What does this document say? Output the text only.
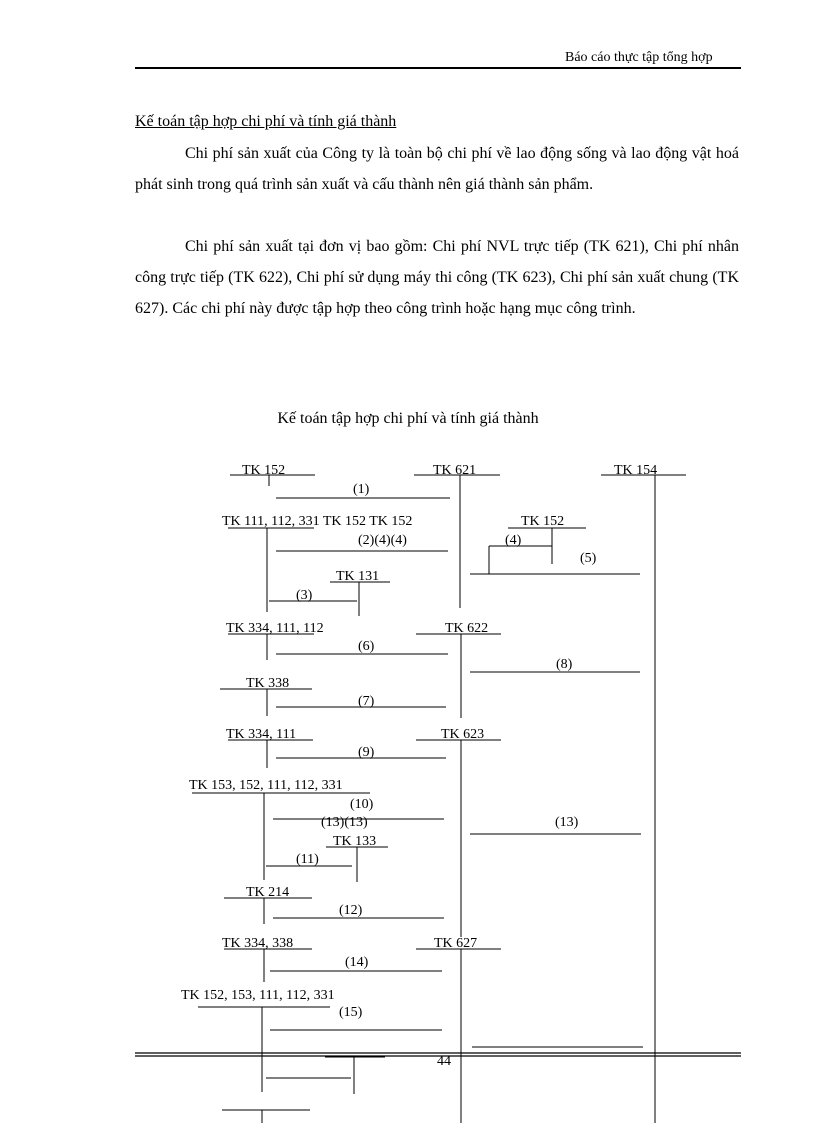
Báo cáo thực tập tổng hợp
Kế toán tập hợp chi phí và tính giá thành
Chi phí sản xuất của Công ty là toàn bộ chi phí về lao động sống và lao động vật hoá phát sinh trong quá trình sản xuất và cấu thành nên giá thành sản phẩm.
Chi phí sản xuất tại đơn vị bao gồm: Chi phí NVL trực tiếp (TK 621), Chi phí nhân công trực tiếp (TK 622), Chi phí sử dụng máy thi công (TK 623), Chi phí sản xuất chung (TK 627). Các chi phí này được tập hợp theo công trình hoặc hạng mục công trình.
Kế toán tập hợp chi phí và tính giá thành
TK 152	TK 621	TK 154
TK 111, 112, 331 TK 152 TK 152	TK 152
TK 131
TK 334, 111, 112	TK 622
TK 338
TK 334, 111	TK 623
TK 153, 152, 111, 112, 331
TK 133
TK 214
TK 334, 338	TK 627
TK 152, 153, 111, 112, 331
(1)
(2)(4)(4)	(4)
(5)
(3)
(6)
(8)
(7)
(9)
(10)
(13)(13)	(13)
(11)
(12)
(14)
(15)
44
